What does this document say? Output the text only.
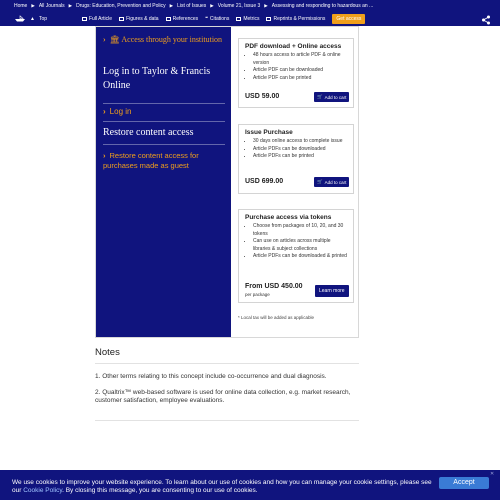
Home ▶ All Journals ▶ Drugs: Education, Prevention and Policy ▶ List of Issues ▶ Volume 21, Issue 3 ▶ Assessing and responding to hazardous an ...
▲ Top	Full Article	Figures & data	References ❝ Citations	Metrics	Reprints & Permissions	Get access
› 🏛 Access through your institution
Log in to Taylor & Francis Online
› Log in
Restore content access
› Restore content access for purchases made as guest
PDF download + Online access
• 48 hours access to article PDF & online version
• Article PDF can be downloaded
• Article PDF can be printed
USD 59.00	🛒 Add to cart
Issue Purchase
• 30 days online access to complete issue
• Article PDFs can be downloaded
• Article PDFs can be printed
USD 699.00	🛒 Add to cart
Purchase access via tokens
• Choose from packages of 10, 20, and 30 tokens
• Can use on articles across multiple libraries & subject collections
• Article PDFs can be downloaded & printed
From USD 450.00
per package
Learn more
* Local tax will be added as applicable
Notes
1. Other terms relating to this concept include co-occurrence and dual diagnosis.
2. Qualtrix™ web-based software is used for online data collection, e.g. market research, customer satisfaction, employee evaluations.
✕
We use cookies to improve your website experience. To learn about our use of cookies and how you can manage your cookie settings, please see our Cookie Policy. By closing this message, you are consenting to our use of cookies.
Accept
